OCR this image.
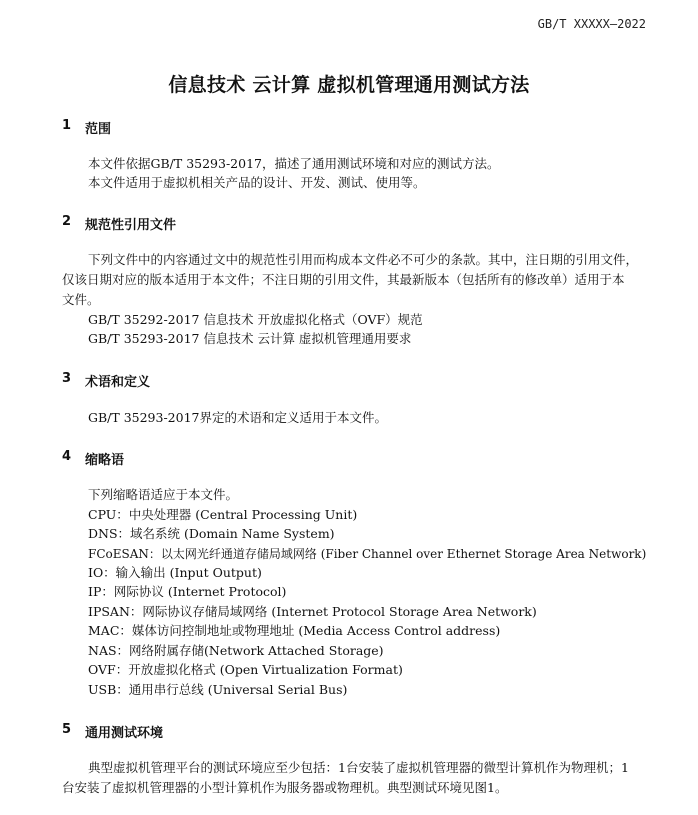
GB/T XXXXX—2022
信息技术 云计算 虚拟机管理通用测试方法
1 范围
本文件依据GB/T 35293-2017，描述了通用测试环境和对应的测试方法。
本文件适用于虚拟机相关产品的设计、开发、测试、使用等。
2 规范性引用文件
下列文件中的内容通过文中的规范性引用而构成本文件必不可少的条款。其中，注日期的引用文件，
仅该日期对应的版本适用于本文件；不注日期的引用文件，其最新版本（包括所有的修改单）适用于本
文件。
GB/T 35292-2017 信息技术 开放虚拟化格式（OVF）规范
GB/T 35293-2017 信息技术 云计算 虚拟机管理通用要求
3 术语和定义
GB/T 35293-2017界定的术语和定义适用于本文件。
4 缩略语
下列缩略语适应于本文件。
CPU：中央处理器 (Central Processing Unit)
DNS：域名系统 (Domain Name System)
FCoESAN：以太网光纤通道存储局域网络 (Fiber Channel over Ethernet Storage Area Network)
IO：输入输出 (Input Output)
IP：网际协议 (Internet Protocol)
IPSAN：网际协议存储局域网络 (Internet Protocol Storage Area Network)
MAC：媒体访问控制地址或物理地址 (Media Access Control address)
NAS：网络附属存储(Network Attached Storage)
OVF：开放虚拟化格式 (Open Virtualization Format)
USB：通用串行总线 (Universal Serial Bus)
5 通用测试环境
典型虚拟机管理平台的测试环境应至少包括：1台安装了虚拟机管理器的微型计算机作为物理机；1
台安装了虚拟机管理器的小型计算机作为服务器或物理机。典型测试环境见图1。
